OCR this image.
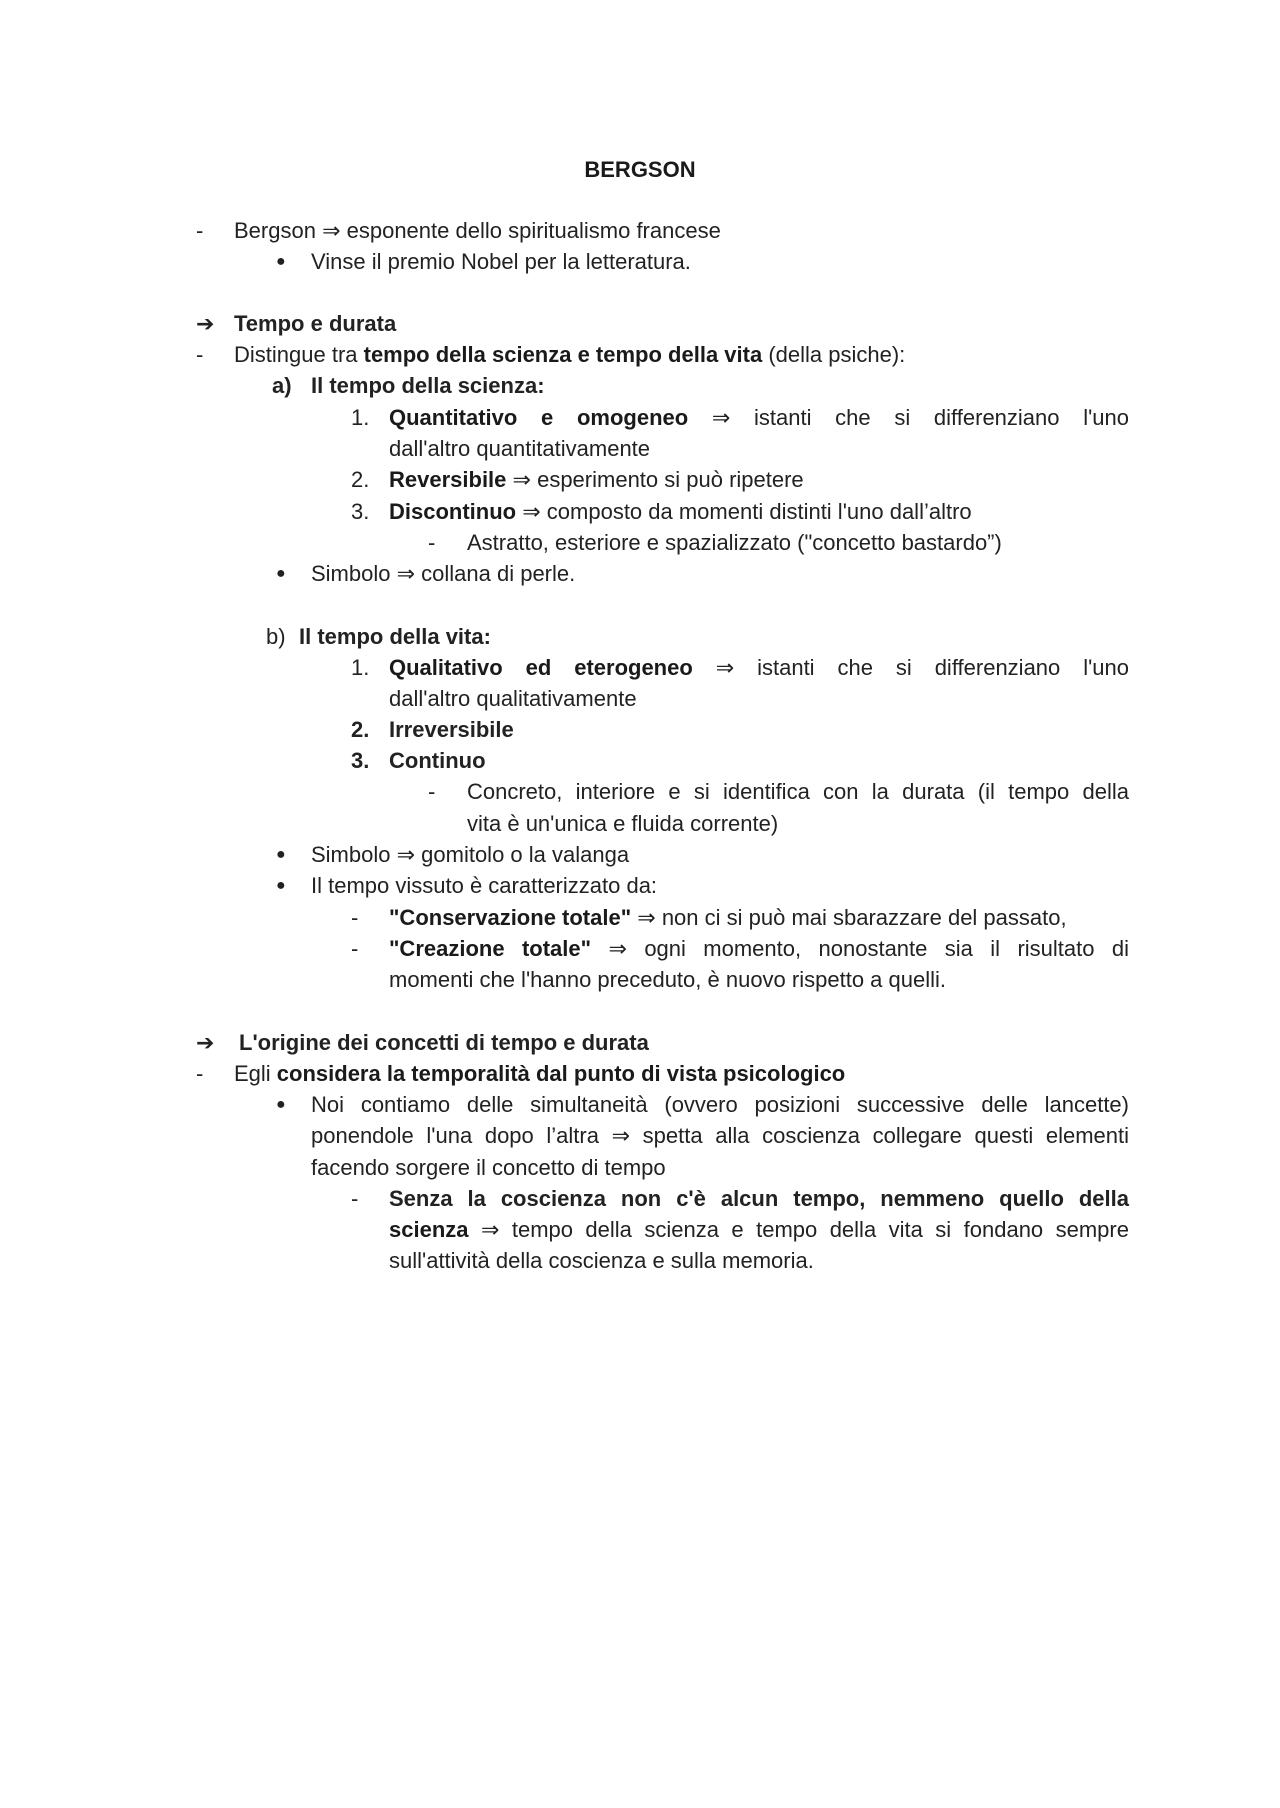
BERGSON
- Bergson ⇒ esponente dello spiritualismo francese
● Vinse il premio Nobel per la letteratura.
➔ Tempo e durata
- Distingue tra tempo della scienza e tempo della vita (della psiche):
a) Il tempo della scienza:
1. Quantitativo e omogeneo ⇒ istanti che si differenziano l'uno
dall'altro quantitativamente
2. Reversibile ⇒ esperimento si può ripetere
3. Discontinuo ⇒ composto da momenti distinti l'uno dall’altro
- Astratto, esteriore e spazializzato ("concetto bastardo”)
● Simbolo ⇒ collana di perle.
b) Il tempo della vita:
1. Qualitativo ed eterogeneo ⇒ istanti che si differenziano l'uno
dall'altro qualitativamente
2. Irreversibile
3. Continuo
- Concreto, interiore e si identifica con la durata (il tempo della
vita è un'unica e fluida corrente)
● Simbolo ⇒ gomitolo o la valanga
● Il tempo vissuto è caratterizzato da:
- "Conservazione totale" ⇒ non ci si può mai sbarazzare del passato,
- "Creazione totale" ⇒ ogni momento, nonostante sia il risultato di
momenti che l'hanno preceduto, è nuovo rispetto a quelli.
➔ L'origine dei concetti di tempo e durata
- Egli considera la temporalità dal punto di vista psicologico
● Noi contiamo delle simultaneità (ovvero posizioni successive delle lancette)
ponendole l'una dopo l’altra ⇒ spetta alla coscienza collegare questi elementi
facendo sorgere il concetto di tempo
- Senza la coscienza non c'è alcun tempo, nemmeno quello della
scienza ⇒ tempo della scienza e tempo della vita si fondano sempre
sull'attività della coscienza e sulla memoria.
